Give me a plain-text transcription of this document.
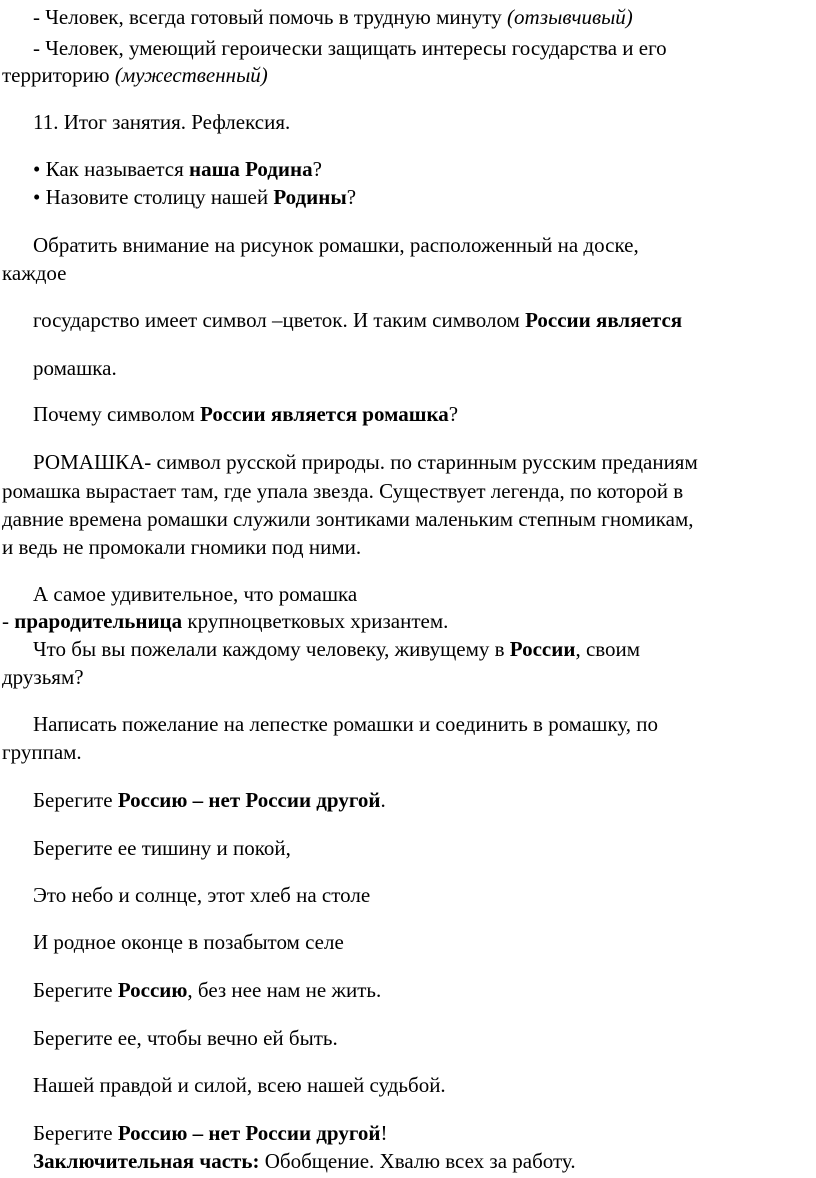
- Человек, всегда готовый помочь в трудную минуту (отзывчивый)
- Человек, умеющий героически защищать интересы государства и его
территорию (мужественный)
11. Итог занятия. Рефлексия.
• Как называется наша Родина?
• Назовите столицу нашей Родины?
Обратить внимание на рисунок ромашки, расположенный на доске,
каждое
государство имеет символ –цветок. И таким символом России является
ромашка.
Почему символом России является ромашка?
РОМАШКА- символ русской природы. по старинным русским преданиям
ромашка вырастает там, где упала звезда. Существует легенда, по которой в
давние времена ромашки служили зонтиками маленьким степным гномикам,
и ведь не промокали гномики под ними.
А самое удивительное, что ромашка
- прародительница крупноцветковых хризантем.
Что бы вы пожелали каждому человеку, живущему в России, своим
друзьям?
Написать пожелание на лепестке ромашки и соединить в ромашку, по
группам.
Берегите Россию – нет России другой.
Берегите ее тишину и покой,
Это небо и солнце, этот хлеб на столе
И родное оконце в позабытом селе
Берегите Россию, без нее нам не жить.
Берегите ее, чтобы вечно ей быть.
Нашей правдой и силой, всею нашей судьбой.
Берегите Россию – нет России другой!
Заключительная часть: Обобщение. Хвалю всех за работу.
